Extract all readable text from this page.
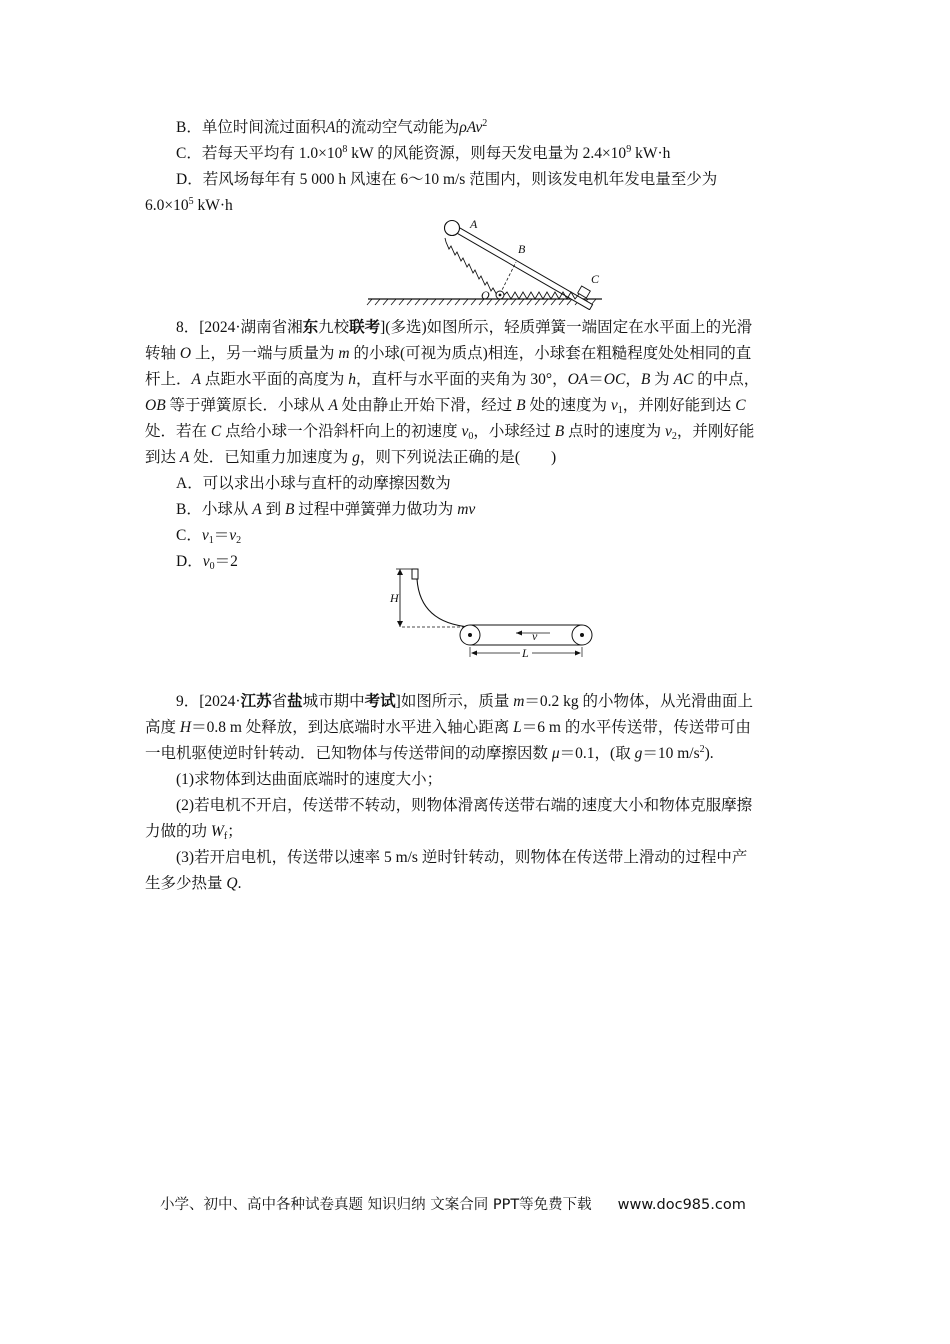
B．单位时间流过面积A的流动空气动能为ρAv$^2$
C．若每天平均有 $1.0\times 10^8$ kW 的风能资源，则每天发电量为 $2.4\times 10^9$ kW·h
D．若风场每年有 5 000 h 风速在 6～10 m/s 范围内，则该发电机年发电量至少为
$6.0\times 10^5$ kW·h
A
B
C
O
8．[2024·湖南省湘东九校联考](多选)如图所示，轻质弹簧一端固定在水平面上的光滑
转轴 O 上，另一端与质量为 m 的小球(可视为质点)相连，小球套在粗糙程度处处相同的直
杆上．A 点距水平面的高度为 h，直杆与水平面的夹角为 30°，OA＝OC，B 为 AC 的中点，
OB 等于弹簧原长．小球从 A 处由静止开始下滑，经过 B 处的速度为 $v_1$，并刚好能到达 C
处．若在 C 点给小球一个沿斜杆向上的初速度 $v_0$，小球经过 B 点时的速度为 $v_2$，并刚好能
到达 A 处．已知重力加速度为 g，则下列说法正确的是(　　)
A．可以求出小球与直杆的动摩擦因数为
B．小球从 A 到 B 过程中弹簧弹力做功为 mv
C．$v_1=v_2$
D．$v_0=2$
H
v
L
9．[2024·江苏省盐城市期中考试]如图所示，质量 m＝0.2 kg 的小物体，从光滑曲面上
高度 H＝0.8 m 处释放，到达底端时水平进入轴心距离 L＝6 m 的水平传送带，传送带可由
一电机驱使逆时针转动．已知物体与传送带间的动摩擦因数 μ＝0.1，(取 g＝10 $m/s^2$).
(1)求物体到达曲面底端时的速度大小；
(2)若电机不开启，传送带不转动，则物体滑离传送带右端的速度大小和物体克服摩擦
力做的功 $W_f$；
(3)若开启电机，传送带以速率 5 m/s 逆时针转动，则物体在传送带上滑动的过程中产
生多少热量 Q.
小学、初中、高中各种试卷真题 知识归纳 文案合同 PPT等免费下载 www.doc985.com
